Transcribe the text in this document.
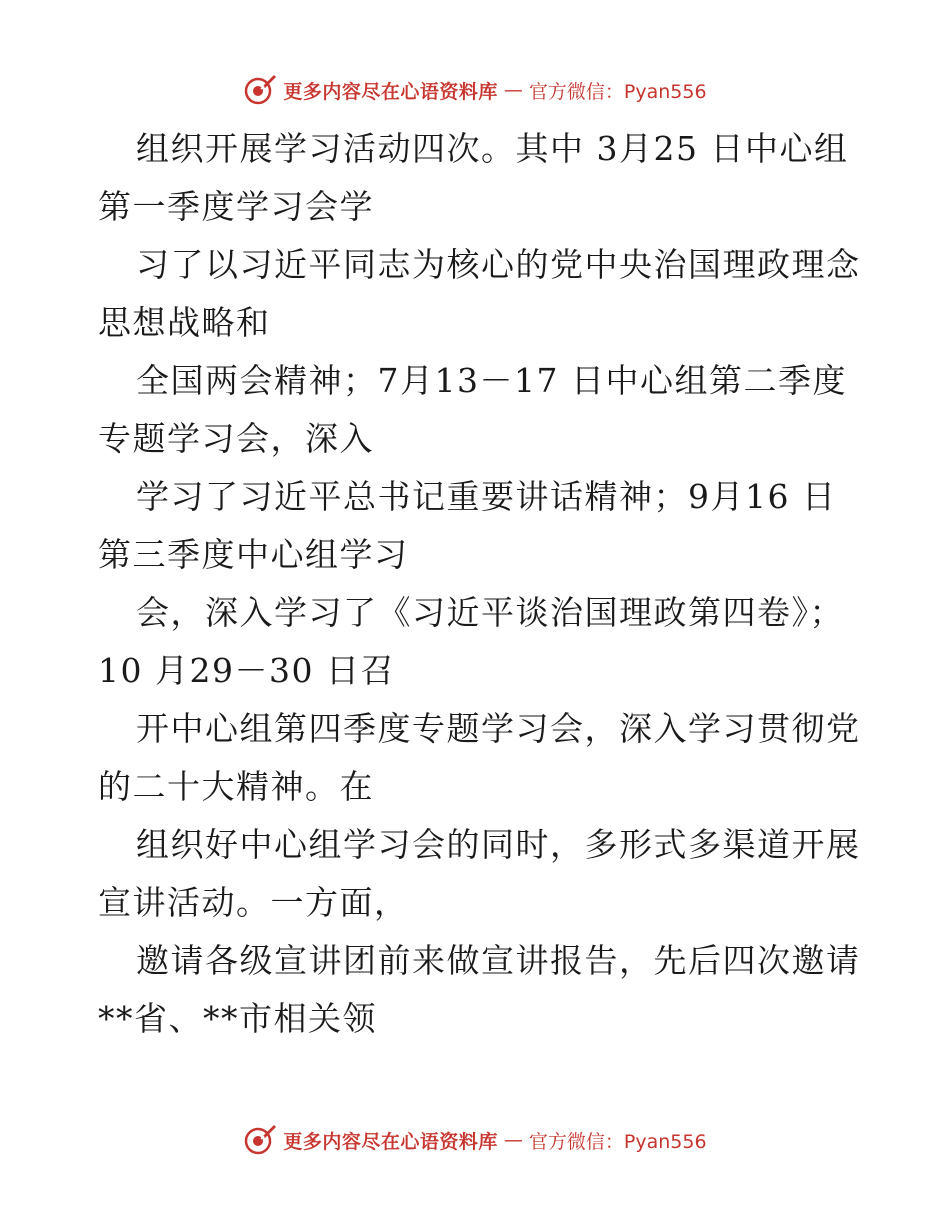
更多内容尽在心语资料库 — 官方微信：Pyan556
组织开展学习活动四次。其中 3月25 日中心组
第一季度学习会学
习了以习近平同志为核心的党中央治国理政理念
思想战略和
全国两会精神；7月13－17 日中心组第二季度
专题学习会，深入
学习了习近平总书记重要讲话精神；9月16 日
第三季度中心组学习
会，深入学习了《习近平谈治国理政第四卷》；
10 月29－30 日召
开中心组第四季度专题学习会，深入学习贯彻党
的二十大精神。在
组织好中心组学习会的同时，多形式多渠道开展
宣讲活动。一方面，
邀请各级宣讲团前来做宣讲报告，先后四次邀请
**省、**市相关领
更多内容尽在心语资料库 — 官方微信：Pyan556
